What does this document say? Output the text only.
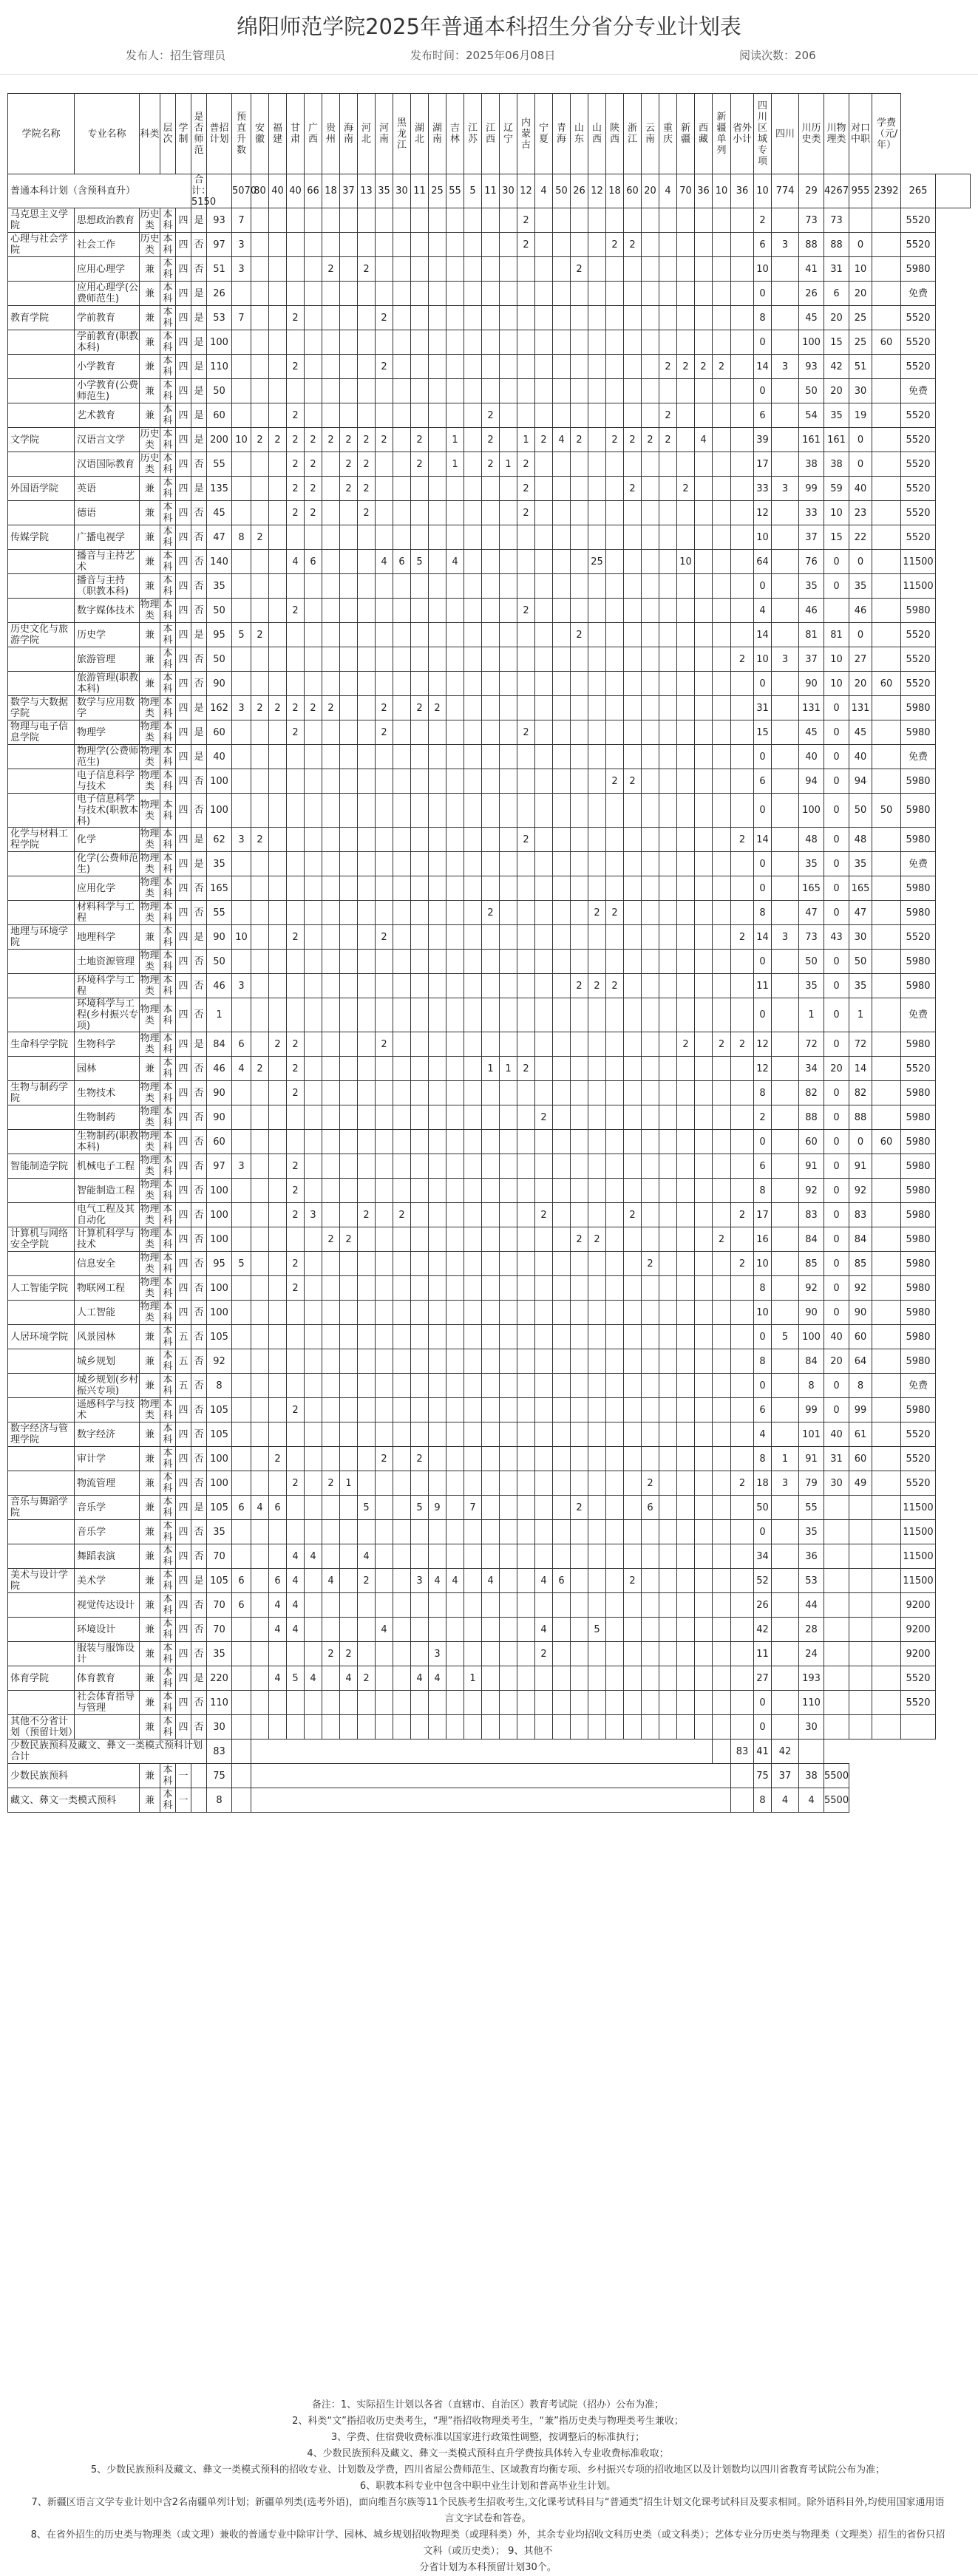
绵阳师范学院2025年普通本科招生分省分专业计划表
发布人：招生管理员	发布时间：2025年06月08日	阅读次数：206
学院名称	专业名称	科类	层次	学制	是否师范	普招计划	预直升数	安徽	福建	甘肃	广西	贵州	海南	河北	河南	黑龙江	湖北	湖南	吉林	江苏	江西	辽宁	内蒙古	宁夏	青海	山东	山西	陕西	浙江	云南	重庆	新疆	西藏	新疆单列	省外小计	四川区域专项	四川	川历史类	川物理类	对口中职	学费（元/年）		
普通本科计划（含预科直升）					合计：5150		5070	80	40	40	66	18	37	13	35	30	11	25	55	5	11	30	12	4	50	26	12	18	60	20	4	70	36	10	36	10	774	29	4267	955	2392	265	
马克思主义学院	思想政治教育	历史类	本科	四	是	93	7																2													2		73	73			5520	
心理与社会学院	社会工作	历史类	本科	四	否	97	3																2					2	2							6	3	88	88	0		5520	
	应用心理学	兼	本科	四	否	51	3					2		2												2										10		41	31	10		5980	
	应用心理学(公费师范生)	兼	本科	四	是	26																														0		26	6	20		免费	
教育学院	学前教育	兼	本科	四	是	53	7			2					2																					8		45	20	25		5520	
	学前教育(职教本科)	兼	本科	四	是	100																														0		100	15	25	60	5520	
	小学教育	兼	本科	四	是	110				2					2																2	2	2	2		14	3	93	42	51		5520	
	小学教育(公费师范生)	兼	本科	四	是	50																														0		50	20	30		免费	
	艺术教育	兼	本科	四	是	60				2											2										2					6		54	35	19		5520	
文学院	汉语言文学	历史类	本科	四	是	200	10	2	2	2	2	2	2	2	2		2		1		2		1	2	4	2		2	2	2	2		4			39		161	161	0		5520	
	汉语国际教育	历史类	本科	四	否	55				2	2		2	2			2		1		2	1	2													17		38	38	0		5520	
外国语学院	英语	兼	本科	四	是	135				2	2		2	2									2						2			2				33	3	99	59	40		5520	
	德语	兼	本科	四	否	45				2	2			2									2													12		33	10	23		5520	
传媒学院	广播电视学	兼	本科	四	否	47	8	2																												10		37	15	22		5520	
	播音与主持艺术	兼	本科	四	否	140				4	6				4	6	5		4								25					10				64		76	0	0		11500	
	播音与主持（职教本科)	兼	本科	四	否	35																														0		35	0	35		11500	
	数字媒体技术	物理类	本科	四	否	50				2													2													4		46		46		5980	
历史文化与旅游学院	历史学	兼	本科	四	是	95	5	2																		2										14		81	81	0		5520	
	旅游管理	兼	本科	四	否	50																													2	10	3	37	10	27		5520	
	旅游管理(职教本科)	兼	本科	四	否	90																														0		90	10	20	60	5520	
数学与大数据学院	数学与应用数学	物理类	本科	四	是	162	3	2	2	2	2	2			2		2	2																		31		131	0	131		5980	
物理与电子信息学院	物理学	物理类	本科	四	是	60				2					2								2													15		45	0	45		5980	
	物理学(公费师范生)	物理类	本科	四	是	40																														0		40	0	40		免费	
	电子信息科学与技术	物理类	本科	四	否	100																						2	2							6		94	0	94		5980	
	电子信息科学与技术(职教本科)	物理类	本科	四	否	100																														0		100	0	50	50	5980	
化学与材料工程学院	化学	物理类	本科	四	是	62	3	2															2												2	14		48	0	48		5980	
	化学(公费师范生)	物理类	本科	四	是	35																														0		35	0	35		免费	
	应用化学	物理类	本科	四	否	165																														0		165	0	165		5980	
	材料科学与工程	物理类	本科	四	否	55															2						2	2								8		47	0	47		5980	
地理与环境学院	地理科学	兼	本科	四	是	90	10			2					2																				2	14	3	73	43	30		5520	
	土地资源管理	物理类	本科	四	否	50																														0		50	0	50		5980	
	环境科学与工程	物理类	本科	四	否	46	3																			2	2	2								11		35	0	35		5980	
	环境科学与工程(乡村振兴专项)	物理类	本科	四	否	1																														0		1	0	1		免费	
生命科学学院	生物科学	物理类	本科	四	是	84	6		2	2					2																	2		2	2	12		72	0	72		5980	
	园林	兼	本科	四	否	46	4	2		2											1	1	2													12		34	20	14		5520	
生物与制药学院	生物技术	物理类	本科	四	否	90				2																										8		82	0	82		5980	
	生物制药	物理类	本科	四	否	90																		2												2		88	0	88		5980	
	生物制药(职教本科)	物理类	本科	四	否	60																														0		60	0	0	60	5980	
智能制造学院	机械电子工程	物理类	本科	四	否	97	3			2																										6		91	0	91		5980	
	智能制造工程	物理类	本科	四	否	100				2																										8		92	0	92		5980	
	电气工程及其自动化	物理类	本科	四	否	100				2	3			2		2								2					2						2	17		83	0	83		5980	
计算机与网络安全学院	计算机科学与技术	物理类	本科	四	否	100						2	2													2	2							2		16		84	0	84		5980	
	信息安全	物理类	本科	四	否	95	5			2																				2					2	10		85	0	85		5980	
人工智能学院	物联网工程	物理类	本科	四	否	100				2																										8		92	0	92		5980	
	人工智能	物理类	本科	四	否	100																														10		90	0	90		5980	
人居环境学院	风景园林	兼	本科	五	否	105																														0	5	100	40	60		5980	
	城乡规划	兼	本科	五	否	92																														8		84	20	64		5980	
	城乡规划(乡村振兴专项)	兼	本科	五	否	8																														0		8	0	8		免费	
	遥感科学与技术	物理类	本科	四	否	105				2																										6		99	0	99		5980	
数字经济与管理学院	数字经济	兼	本科	四	否	105																														4		101	40	61		5520	
	审计学	兼	本科	四	否	100			2						2		2																			8	1	91	31	60		5520	
	物流管理	兼	本科	四	否	100				2		2	1																	2					2	18	3	79	30	49		5520	
音乐与舞蹈学院	音乐学	兼	本科	四	是	105	6	4	6					5			5	9		7						2				6						50		55				11500	
	音乐学	兼	本科	四	否	35																														0		35				11500	
	舞蹈表演	兼	本科	四	否	70				4	4			4																						34		36				11500	
美术与设计学院	美术学	兼	本科	四	是	105	6		6	4		4		2			3	4	4		4			4	6				2							52		53				11500	
	视觉传达设计	兼	本科	四	否	70	6		4	4																										26		44				9200	
	环境设计	兼	本科	四	否	70			4	4					4									4			5									42		28				9200	
	服装与服饰设计	兼	本科	四	否	35						2	2					3						2												11		24				9200	
体育学院	体育教育	兼	本科	四	是	220			4	5	4		4	2			4	4		1																27		193				5520	
	社会体育指导与管理	兼	本科	四	否	110																														0		110				5520	
其他不分省计划（预留计划）		兼	本科	四	否	30																														0		30					
少数民族预科及藏文、彝文一类模式预科计划合计						83																													83	41	42						
少数民族预科		兼	本科	一		75																														75	37	38	5500				
藏文、彝文一类模式预科		兼	本科	一		8																														8	4	4	5500				
备注：1、实际招生计划以各省（直辖市、自治区）教育考试院（招办）公布为准；
2、科类“文”指招收历史类考生，“理”指招收物理类考生，“兼”指历史类与物理类考生兼收；
3、学费、住宿费收费标准以国家进行政策性调整，按调整后的标准执行；
4、少数民族预科及藏文、彝文一类模式预科直升学费按具体转入专业收费标准收取；
5、少数民族预科及藏文、彝文一类模式预科的招收专业、计划数及学费，四川省屋公费师范生、区域教育均衡专项、乡村振兴专项的招收地区以及计划数均以四川省教育考试院公布为准；
6、职教本科专业中包含中职中业生计划和普高毕业生计划。
7、新疆区语言文学专业计划中含2名南疆单列计划；新疆单列类(选考外语)，面向维吾尔族等11个民族考生招收考生,文化课考试科目与“普通类”招生计划文化课考试科目及要求相同。除外语科目外,均使用国家通用语言文字试卷和答卷。
8、在省外招生的历史类与物理类（或文理）兼收的普通专业中除审计学、园林、城乡规划招收物理类（或理科类）外，其余专业均招收文科历史类（或文科类）；艺体专业分历史类与物理类（文理类）招生的省份只招文科（或历史类）； 9、其他不
分省计划为本科预留计划30个。
